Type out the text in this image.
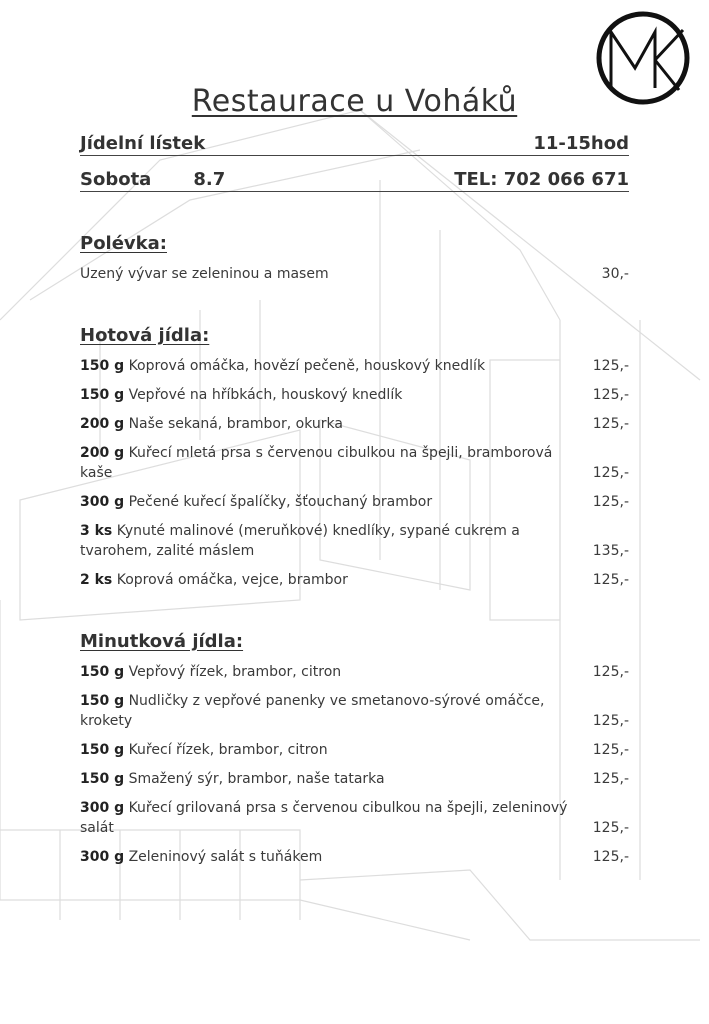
Restaurace u Voháků
Jídelní lístek	11-15hod
Sobota 8.7	TEL: 702 066 671
Polévka:
Uzený vývar se zeleninou a masem	30,-
Hotová jídla:
150 g Koprová omáčka, hovězí pečeně, houskový knedlík	125,-
150 g Vepřové na hříbkách, houskový knedlík	125,-
200 g Naše sekaná, brambor, okurka	125,-
200 g Kuřecí mletá prsa s červenou cibulkou na špejli, bramborová kaše	125,-
300 g Pečené kuřecí špalíčky, šťouchaný brambor	125,-
3 ks Kynuté malinové (meruňkové) knedlíky, sypané cukrem a tvarohem, zalité máslem	135,-
2 ks Koprová omáčka, vejce, brambor	125,-
Minutková jídla:
150 g Vepřový řízek, brambor, citron	125,-
150 g Nudličky z vepřové panenky ve smetanovo-sýrové omáčce, krokety	125,-
150 g Kuřecí řízek, brambor, citron	125,-
150 g Smažený sýr, brambor, naše tatarka	125,-
300 g Kuřecí grilovaná prsa s červenou cibulkou na špejli, zeleninový salát	125,-
300 g Zeleninový salát s tuňákem	125,-
